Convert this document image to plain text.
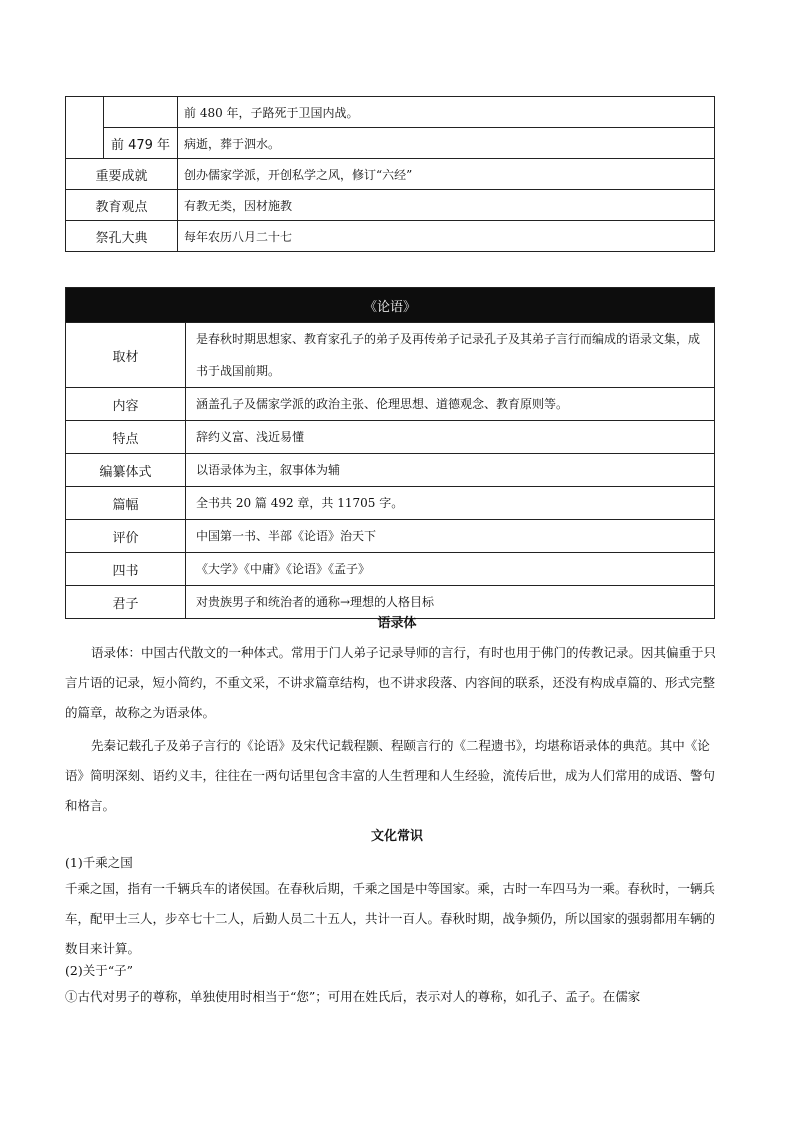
		前 480 年，子路死于卫国内战。
	前 479 年	病逝，葬于泗水。
重要成就		创办儒家学派，开创私学之风，修订“六经”
教育观点		有教无类，因材施教
祭孔大典		每年农历八月二十七
《论语》	
取材	是春秋时期思想家、教育家孔子的弟子及再传弟子记录孔子及其弟子言行而编成的语录文集，成书于战国前期。
内容	涵盖孔子及儒家学派的政治主张、伦理思想、道德观念、教育原则等。
特点	辞约义富、浅近易懂
编纂体式	以语录体为主，叙事体为辅
篇幅	全书共 20 篇 492 章，共 11705 字。
评价	中国第一书、半部《论语》治天下
四书	《大学》《中庸》《论语》《孟子》
君子	对贵族男子和统治者的通称→理想的人格目标
语录体

语录体：中国古代散文的一种体式。常用于门人弟子记录导师的言行，有时也用于佛门的传教记录。因其偏重于只言片语的记录，短小简约，不重文采，不讲求篇章结构，也不讲求段落、内容间的联系，还没有构成卓篇的、形式完整的篇章，故称之为语录体。

先秦记载孔子及弟子言行的《论语》及宋代记载程颢、程颐言行的《二程遗书》，均堪称语录体的典范。其中《论语》简明深刻、语约义丰，往往在一两句话里包含丰富的人生哲理和人生经验，流传后世，成为人们常用的成语、警句和格言。

文化常识

(1)千乘之国

千乘之国，指有一千辆兵车的诸侯国。在春秋后期，千乘之国是中等国家。乘，古时一车四马为一乘。春秋时，一辆兵车，配甲士三人，步卒七十二人，后勤人员二十五人，共计一百人。春秋时期，战争频仍，所以国家的强弱都用车辆的数目来计算。

(2)关于“子”

①古代对男子的尊称，单独使用时相当于“您”；可用在姓氏后，表示对人的尊称，如孔子、孟子。在儒家
